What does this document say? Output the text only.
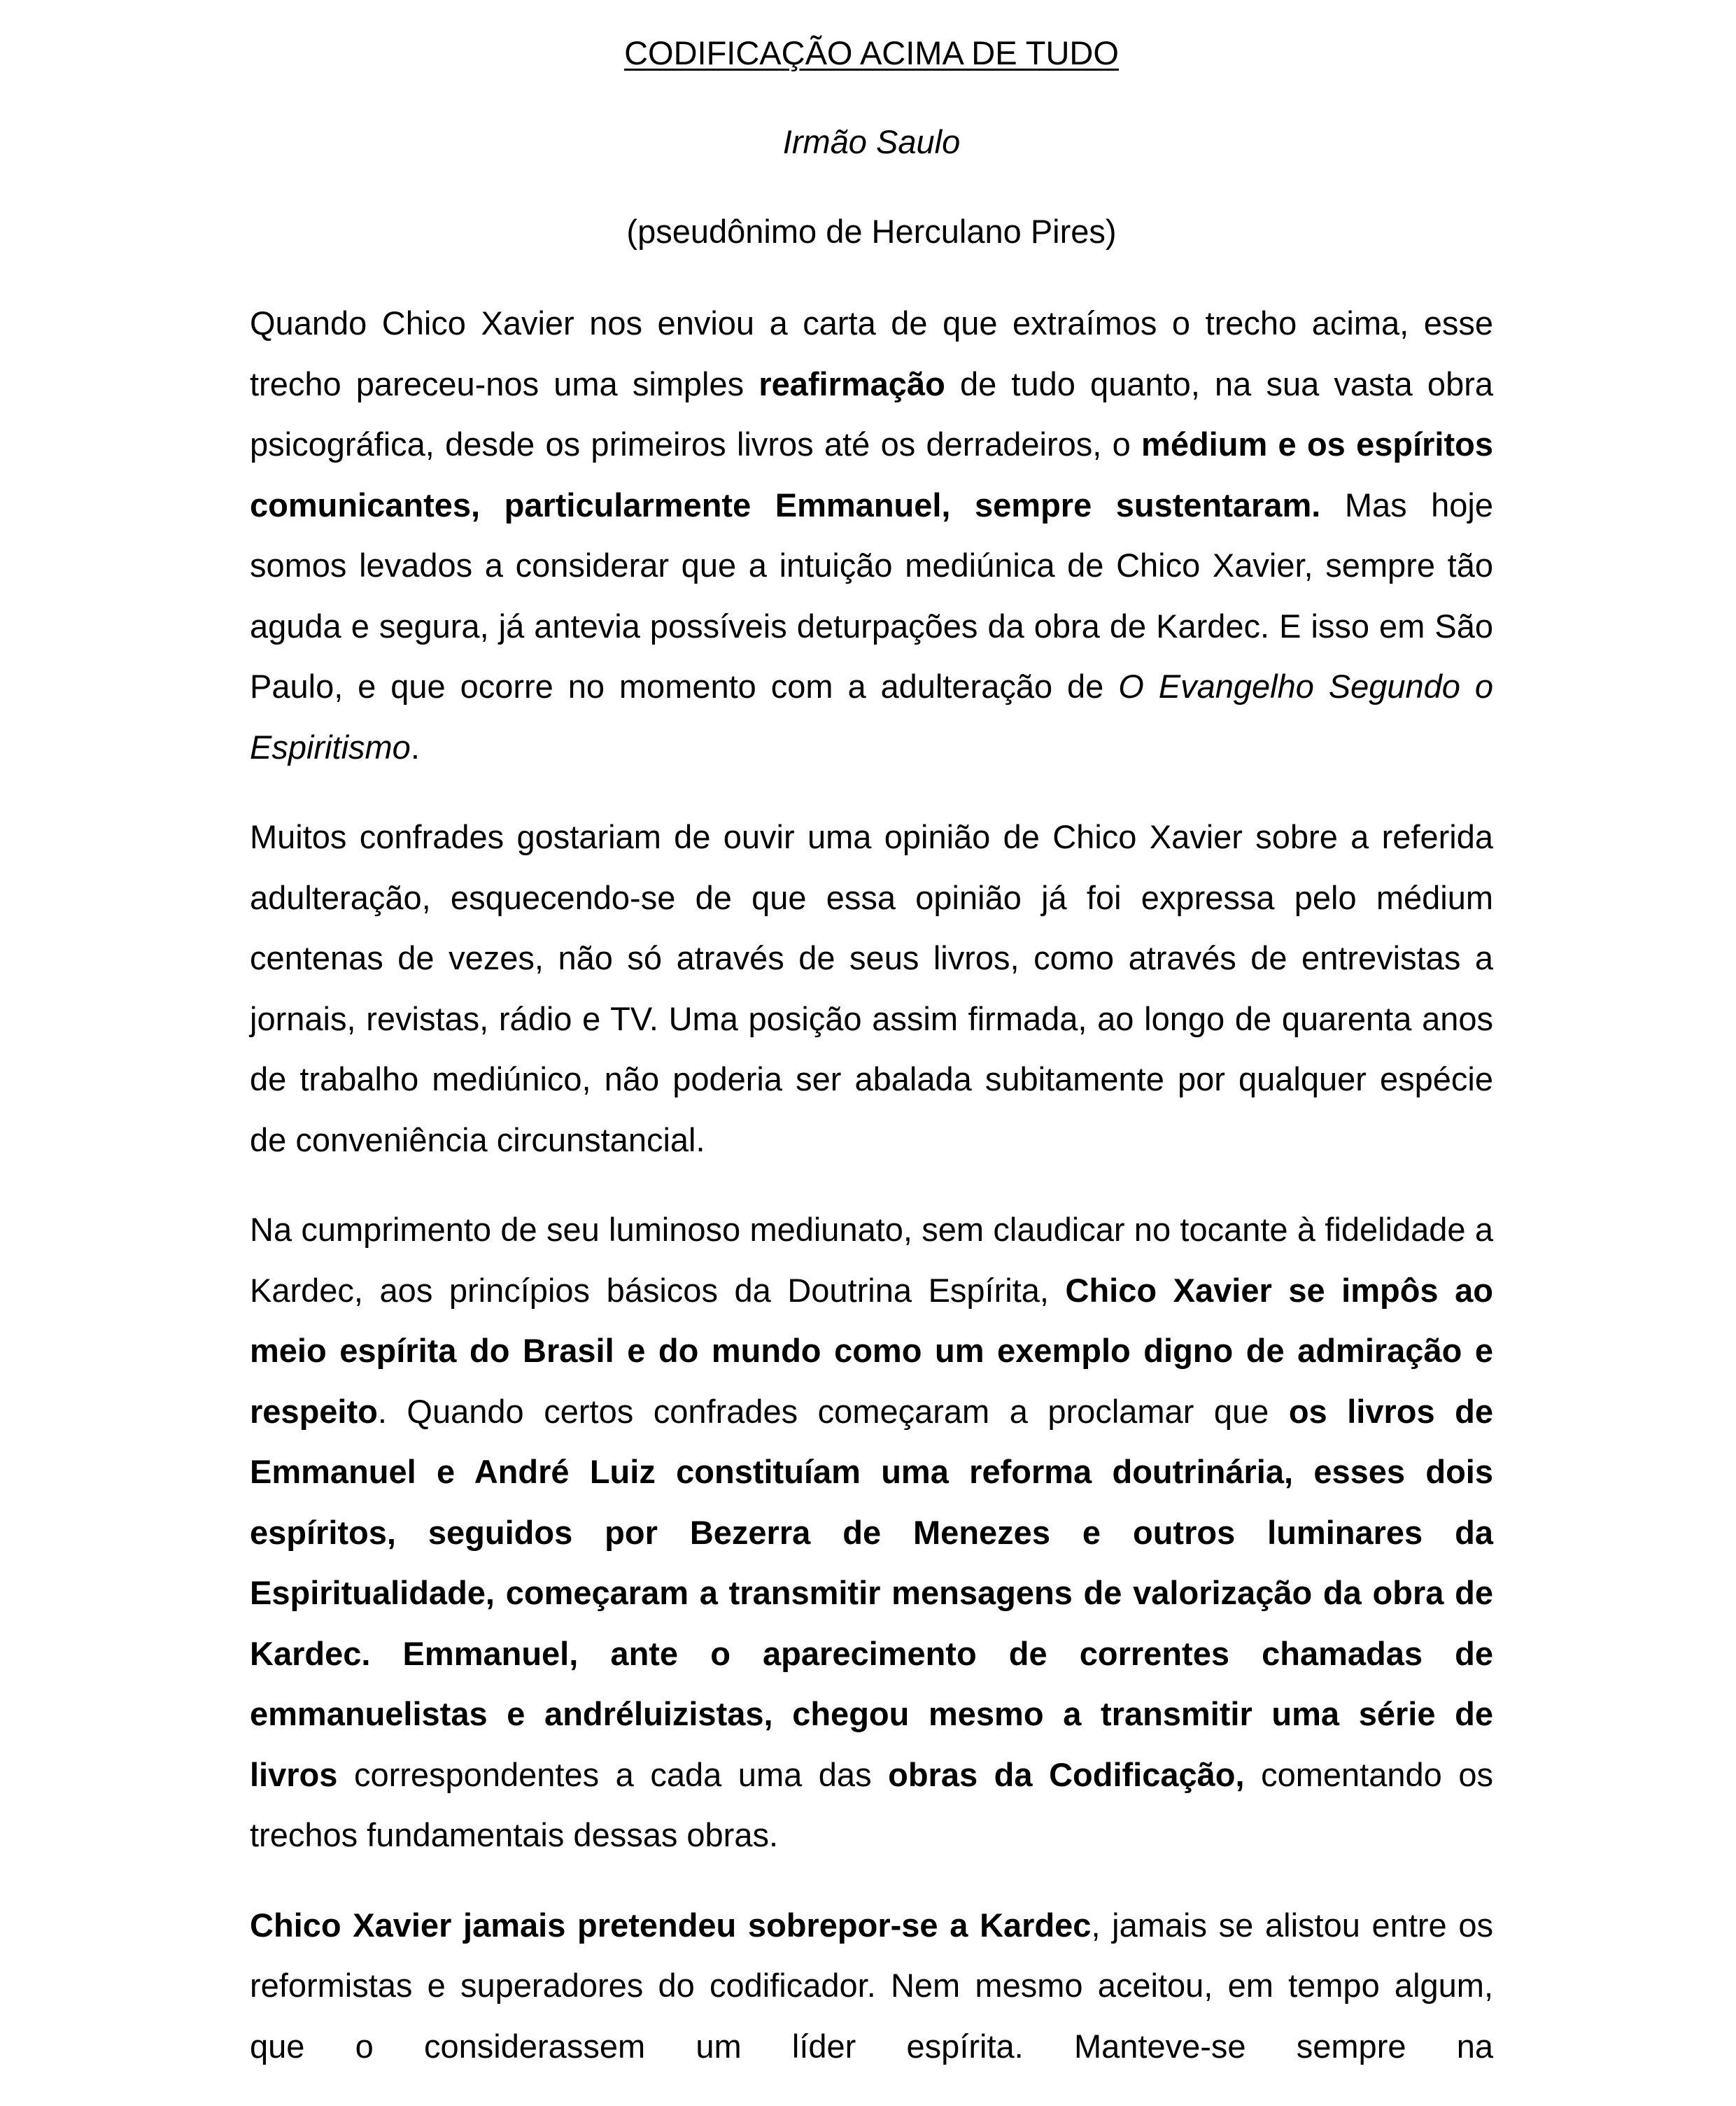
CODIFICAÇÃO ACIMA DE TUDO

Irmão Saulo

(pseudônimo de Herculano Pires)

Quando Chico Xavier nos enviou a carta de que extraímos o trecho acima, esse trecho pareceu-nos uma simples reafirmação de tudo quanto, na sua vasta obra psicográfica, desde os primeiros livros até os derradeiros, o médium e os espíritos comunicantes, particularmente Emmanuel, sempre sustentaram. Mas hoje somos levados a considerar que a intuição mediúnica de Chico Xavier, sempre tão aguda e segura, já antevia possíveis deturpações da obra de Kardec. E isso em São Paulo, e que ocorre no momento com a adulteração de O Evangelho Segundo o Espiritismo.

Muitos confrades gostariam de ouvir uma opinião de Chico Xavier sobre a referida adulteração, esquecendo-se de que essa opinião já foi expressa pelo médium centenas de vezes, não só através de seus livros, como através de entrevistas a jornais, revistas, rádio e TV. Uma posição assim firmada, ao longo de quarenta anos de trabalho mediúnico, não poderia ser abalada subitamente por qualquer espécie de conveniência circunstancial.

Na cumprimento de seu luminoso mediunato, sem claudicar no tocante à fidelidade a Kardec, aos princípios básicos da Doutrina Espírita, Chico Xavier se impôs ao meio espírita do Brasil e do mundo como um exemplo digno de admiração e respeito. Quando certos confrades começaram a proclamar que os livros de Emmanuel e André Luiz constituíam uma reforma doutrinária, esses dois espíritos, seguidos por Bezerra de Menezes e outros luminares da Espiritualidade, começaram a transmitir mensagens de valorização da obra de Kardec. Emmanuel, ante o aparecimento de correntes chamadas de emmanuelistas e andréluizistas, chegou mesmo a transmitir uma série de livros correspondentes a cada uma das obras da Codificação, comentando os trechos fundamentais dessas obras.

Chico Xavier jamais pretendeu sobrepor-se a Kardec, jamais se alistou entre os reformistas e superadores do codificador. Nem mesmo aceitou, em tempo algum, que o considerassem um líder espírita. Manteve-se sempre na
